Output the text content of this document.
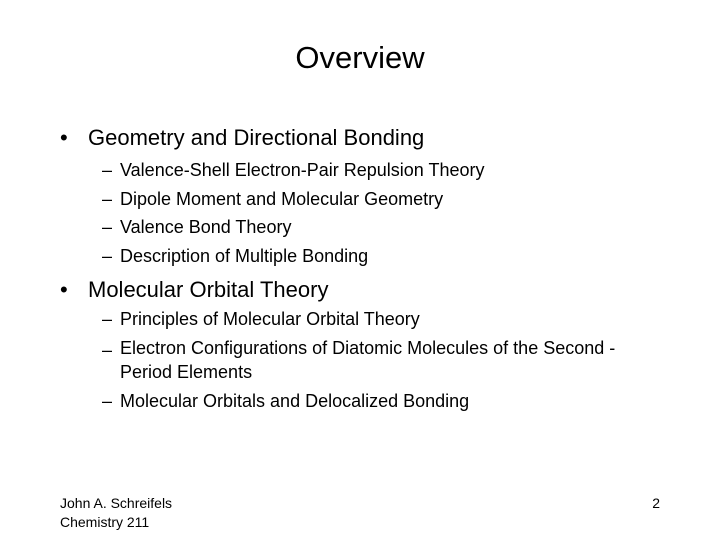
Overview
• Geometry and Directional Bonding
– Valence-Shell Electron-Pair Repulsion Theory
– Dipole Moment and Molecular Geometry
– Valence Bond Theory
– Description of Multiple Bonding
• Molecular Orbital Theory
– Principles of Molecular Orbital Theory
– Electron Configurations of Diatomic Molecules of the Second -Period Elements
– Molecular Orbitals and Delocalized Bonding
John A. Schreifels
Chemistry 211
2
